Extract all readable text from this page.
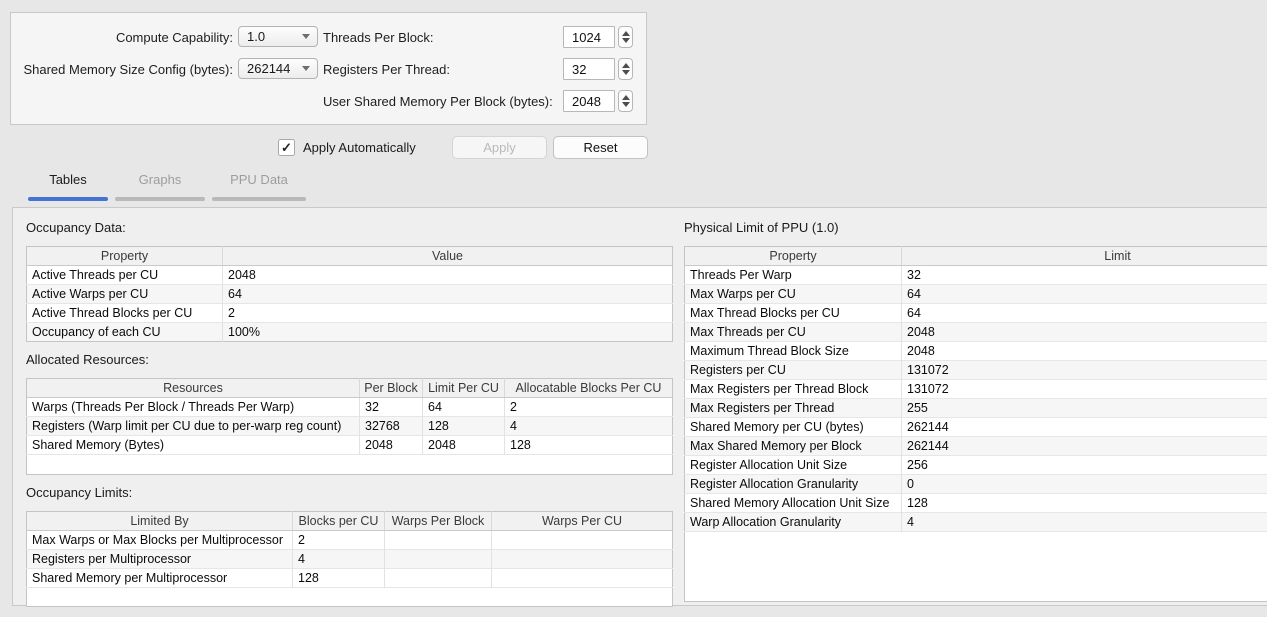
Compute Capability: 1.0	Threads Per Block:
1024
Shared Memory Size Config (bytes): 262144	Registers Per Thread:
32
User Shared Memory Per Block (bytes):
2048
✓ Apply Automatically	Apply	Reset
Tables	Graphs	PPU Data
Occupancy Data:
Property	Value
Active Threads per CU	2048
Active Warps per CU	64
Active Thread Blocks per CU	2
Occupancy of each CU	100%
Allocated Resources:
Resources	Per Block	Limit Per CU	Allocatable Blocks Per CU
Warps (Threads Per Block / Threads Per Warp)	32	64	2
Registers (Warp limit per CU due to per-warp reg count)	32768	128	4
Shared Memory (Bytes)	2048	2048	128

Occupancy Limits:
Limited By	Blocks per CU	Warps Per Block	Warps Per CU
Max Warps or Max Blocks per Multiprocessor	2		
Registers per Multiprocessor	4		
Shared Memory per Multiprocessor	128		

Physical Limit of PPU (1.0)
Property	Limit
Threads Per Warp	32
Max Warps per CU	64
Max Thread Blocks per CU	64
Max Threads per CU	2048
Maximum Thread Block Size	2048
Registers per CU	131072
Max Registers per Thread Block	131072
Max Registers per Thread	255
Shared Memory per CU (bytes)	262144
Max Shared Memory per Block	262144
Register Allocation Unit Size	256
Register Allocation Granularity	0
Shared Memory Allocation Unit Size	128
Warp Allocation Granularity	4
